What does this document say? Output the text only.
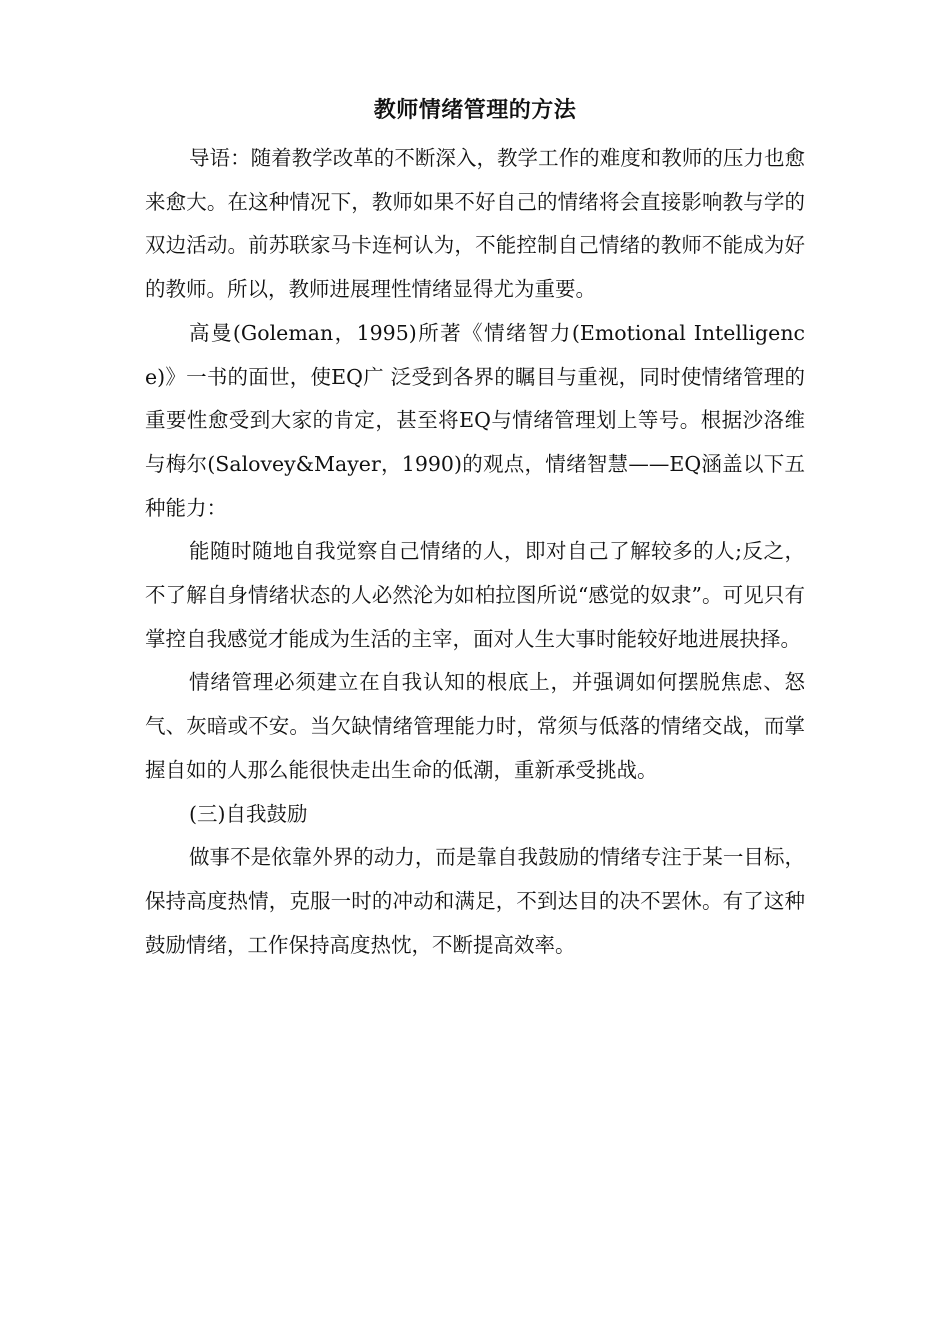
教师情绪管理的方法

导语：随着教学改革的不断深入，教学工作的难度和教师的压力也愈来愈大。在这种情况下，教师如果不好自己的情绪将会直接影响教与学的双边活动。前苏联家马卡连柯认为，不能控制自己情绪的教师不能成为好的教师。所以，教师进展理性情绪显得尤为重要。

高曼(Goleman，1995)所著《情绪智力(Emotional Intelligence)》一书的面世，使EQ广 泛受到各界的瞩目与重视，同时使情绪管理的重要性愈受到大家的肯定，甚至将EQ与情绪管理划上等号。根据沙洛维与梅尔(Salovey&Mayer，1990)的观点，情绪智慧——EQ涵盖以下五种能力：

能随时随地自我觉察自己情绪的人，即对自己了解较多的人;反之，不了解自身情绪状态的人必然沦为如柏拉图所说“感觉的奴隶”。可见只有掌控自我感觉才能成为生活的主宰，面对人生大事时能较好地进展抉择。

情绪管理必须建立在自我认知的根底上，并强调如何摆脱焦虑、怒气、灰暗或不安。当欠缺情绪管理能力时，常须与低落的情绪交战，而掌握自如的人那么能很快走出生命的低潮，重新承受挑战。

(三)自我鼓励

做事不是依靠外界的动力，而是靠自我鼓励的情绪专注于某一目标，保持高度热情，克服一时的冲动和满足，不到达目的决不罢休。有了这种鼓励情绪，工作保持高度热忱，不断提高效率。
